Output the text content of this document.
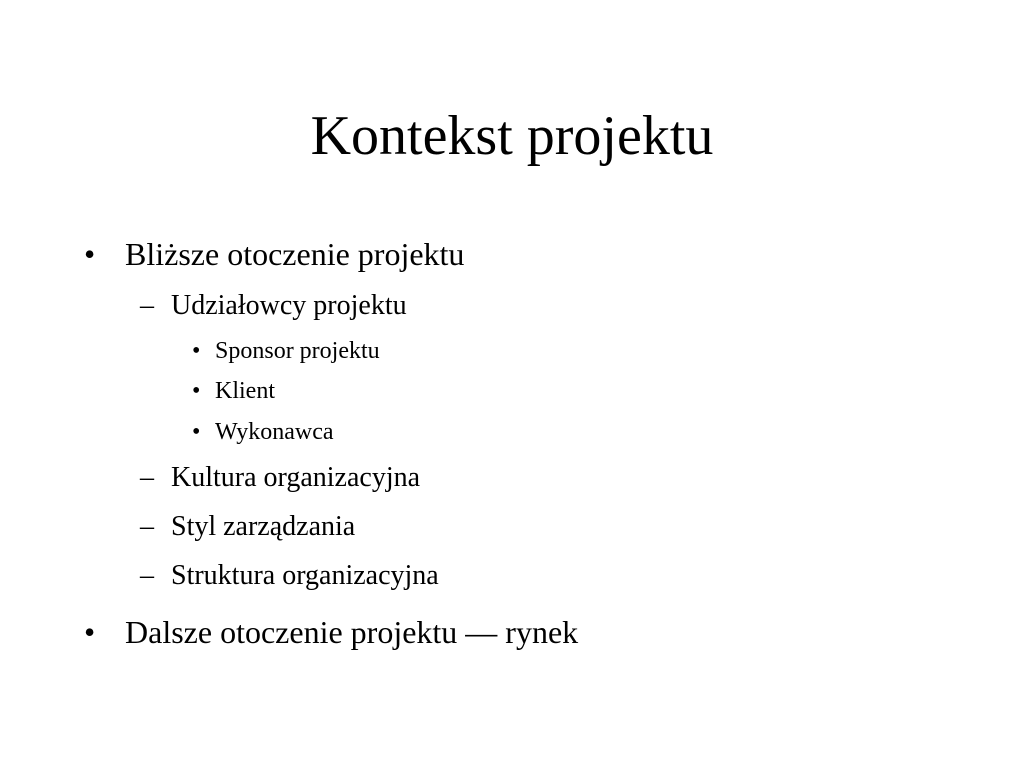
Kontekst projektu
• Bliższe otoczenie projektu
– Udziałowcy projektu
• Sponsor projektu
• Klient
• Wykonawca
– Kultura organizacyjna
– Styl zarządzania
– Struktura organizacyjna
• Dalsze otoczenie projektu — rynek
